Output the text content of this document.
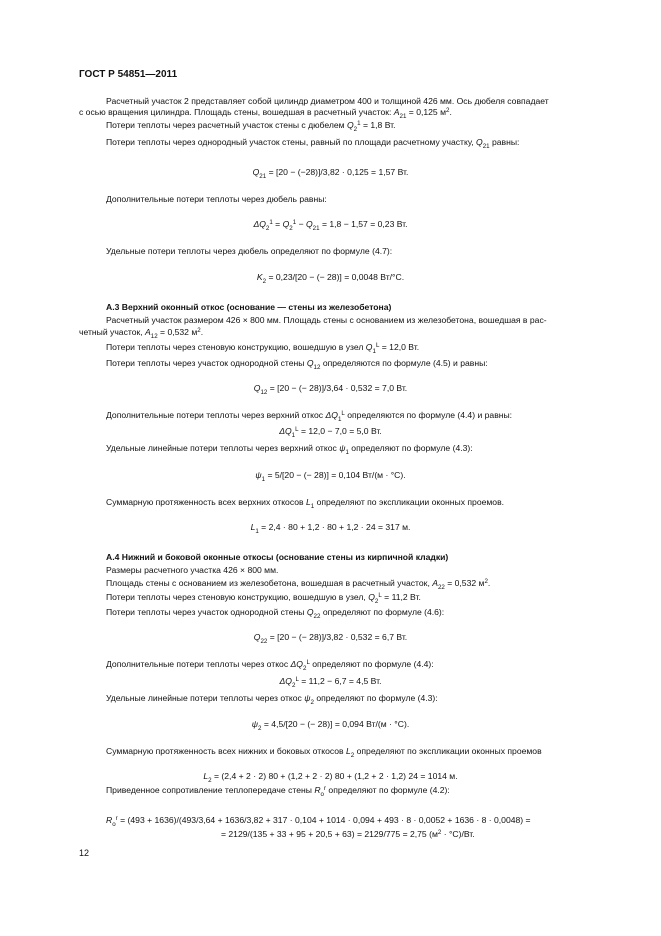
ГОСТ Р 54851—2011
Расчетный участок 2 представляет собой цилиндр диаметром 400 и толщиной 426 мм. Ось дюбеля совпадает
с осью вращения цилиндра. Площадь стены, вошедшая в расчетный участок: $A_{21} = 0,125$ $м^2$.
Потери теплоты через расчетный участок стены с дюбелем $Q_2^1 = 1,8$ Вт.
Потери теплоты через однородный участок стены, равный по площади расчетному участку, $Q_{21}$ равны:
$Q_{21} = [20 - (-28)]/3,82 \cdot 0,125 = 1,57$ Вт.
Дополнительные потери теплоты через дюбель равны:
$\Delta Q_2^1 = Q_2^1 - Q_{21} = 1,8 - 1,57 = 0,23$ Вт.
Удельные потери теплоты через дюбель определяют по формуле (4.7):
$K_2 = 0,23/[20$ − (− 28)] = 0,0048 Вт/°С.
А.3 Верхний оконный откос (основание — стены из железобетона)
Расчетный участок размером 426 × 800 мм. Площадь стены с основанием из железобетона, вошедшая в рас-
четный участок, $A_{12} = 0,532$ $м^2$.
Потери теплоты через стеновую конструкцию, вошедшую в узел $Q_1^L = 12,0$ Вт.
Потери теплоты через участок однородной стены $Q_{12}$ определяются по формуле (4.5) и равны:
$Q_{12} = [20$ − (− 28)]/3,64 · 0,532 = 7,0 Вт.
Дополнительные потери теплоты через верхний откос $\Delta Q_1^L$ определяются по формуле (4.4) и равны:
$\Delta Q_1^L = 12,0 - 7,0 = 5,0$ Вт.
Удельные линейные потери теплоты через верхний откос $\psi_1$ определяют по формуле (4.3):
$\psi_1 = 5/[20$ − (− 28)] = 0,104 Вт/(м · °С).
Суммарную протяженность всех верхних откосов $L_1$ определяют по экспликации оконных проемов.
$L_1 = 2,4 \cdot 80 + 1,2 \cdot 80 + 1,2 \cdot 24 = 317$ м.
А.4 Нижний и боковой оконные откосы (основание стены из кирпичной кладки)
Размеры расчетного участка 426 × 800 мм.
Площадь стены с основанием из железобетона, вошедшая в расчетный участок, $A_{22} = 0,532$ $м^2$.
Потери теплоты через стеновую конструкцию, вошедшую в узел, $Q_2^L = 11,2$ Вт.
Потери теплоты через участок однородной стены $Q_{22}$ определяют по формуле (4.6):
$Q_{22} = [20$ − (− 28)]/3,82 · 0,532 = 6,7 Вт.
Дополнительные потери теплоты через откос $\Delta Q_2^L$ определяют по формуле (4.4):
$\Delta Q_2^L = 11,2 - 6,7 = 4,5$ Вт.
Удельные линейные потери теплоты через откос $\psi_2$ определяют по формуле (4.3):
$\psi_2 = 4,5/[20$ − (− 28)] = 0,094 Вт/(м · °С).
Суммарную протяженность всех нижних и боковых откосов $L_2$ определяют по экспликации оконных проемов
$L_2 = (2,4 + 2 \cdot 2) 80 + (1,2 + 2 \cdot 2) 80 + (1,2 + 2 \cdot 1,2) 24 = 1014$ м.
Приведенное сопротивление теплопередаче стены $R_o^r$ определяют по формуле (4.2):
$R_o^r = (493 + 1636)/(493/3,64 + 1636/3,82 + 317 \cdot 0,104 + 1014 \cdot 0,094 + 493 \cdot 8 \cdot 0,0052 + 1636 \cdot 8 \cdot 0,0048)$ =
= 2129/(135 + 33 + 95 + 20,5 + 63) = 2129/775 = 2,75 $(м^2 \cdot ^\circ С)/Вт$.
12
